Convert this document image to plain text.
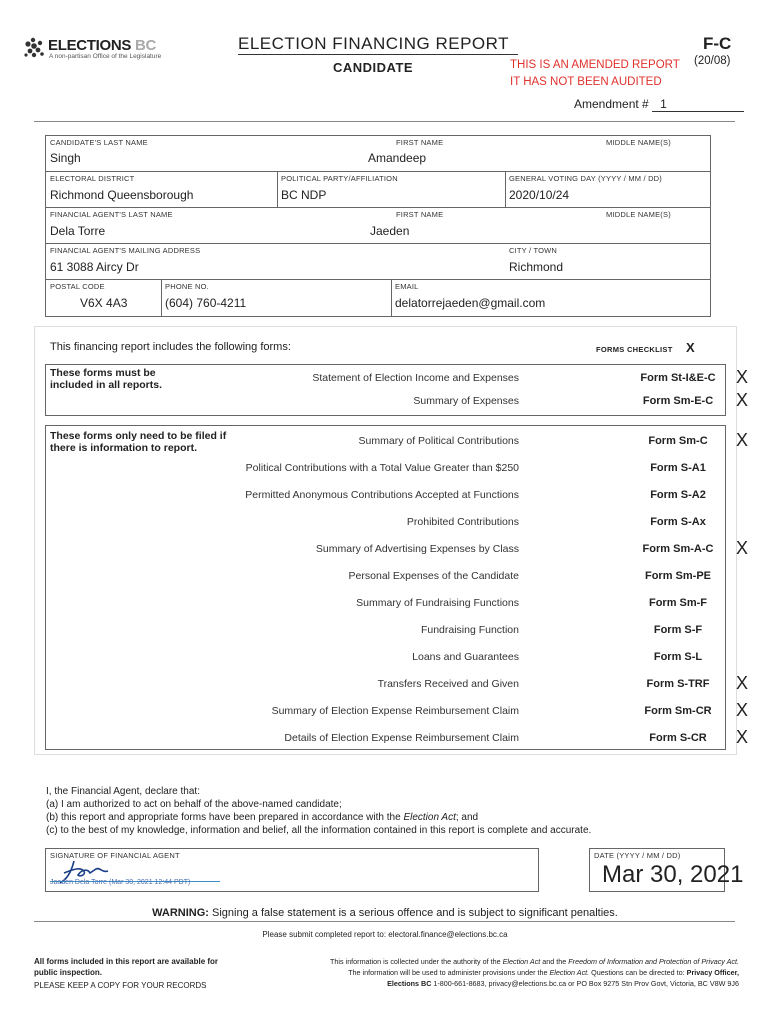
ELECTIONS BC
A non-partisan Office of the Legislature
ELECTION FINANCING REPORT
CANDIDATE	THIS IS AN AMENDED REPORT
IT HAS NOT BEEN AUDITED
F-C
(20/08)
Amendment # 1
CANDIDATE'S LAST NAME
Singh
FIRST NAME
Amandeep
MIDDLE NAME(S)
ELECTORAL DISTRICT
Richmond Queensborough
POLITICAL PARTY/AFFILIATION
BC NDP
GENERAL VOTING DAY (YYYY / MM / DD)
2020/10/24
FINANCIAL AGENT'S LAST NAME
Dela Torre
FIRST NAME
Jaeden
MIDDLE NAME(S)
FINANCIAL AGENT'S MAILING ADDRESS
61 3088 Aircy Dr
CITY / TOWN
Richmond
POSTAL CODE
V6X 4A3
PHONE NO.
(604) 760-4211
EMAIL
delatorrejaeden@gmail.com
This financing report includes the following forms:	FORMS CHECKLIST X
These forms must be included in all reports.
Statement of Election Income and Expenses	Form St-I&E-C	X
Summary of Expenses	Form Sm-E-C	X
These forms only need to be filed if there is information to report.
Summary of Political Contributions	Form Sm-C	X
Political Contributions with a Total Value Greater than $250	Form S-A1
Permitted Anonymous Contributions Accepted at Functions	Form S-A2
Prohibited Contributions	Form S-Ax
Summary of Advertising Expenses by Class	Form Sm-A-C	X
Personal Expenses of the Candidate	Form Sm-PE
Summary of Fundraising Functions	Form Sm-F
Fundraising Function	Form S-F
Loans and Guarantees	Form S-L
Transfers Received and Given	Form S-TRF	X
Summary of Election Expense Reimbursement Claim	Form Sm-CR	X
Details of Election Expense Reimbursement Claim	Form S-CR	X
I, the Financial Agent, declare that:
(a) I am authorized to act on behalf of the above-named candidate;
(b) this report and appropriate forms have been prepared in accordance with the Election Act; and
(c) to the best of my knowledge, information and belief, all the information contained in this report is complete and accurate.
SIGNATURE OF FINANCIAL AGENT
Jaeden Dela Torre (Mar 30, 2021 12:44 PDT)
DATE (YYYY / MM / DD)
Mar 30, 2021
WARNING: Signing a false statement is a serious offence and is subject to significant penalties.
Please submit completed report to: electoral.finance@elections.bc.ca
All forms included in this report are available for public inspection.
PLEASE KEEP A COPY FOR YOUR RECORDS
This information is collected under the authority of the Election Act and the Freedom of Information and Protection of Privacy Act.
The information will be used to administer provisions under the Election Act. Questions can be directed to: Privacy Officer,
Elections BC 1-800-661-8683, privacy@elections.bc.ca or PO Box 9275 Stn Prov Govt, Victoria, BC V8W 9J6
